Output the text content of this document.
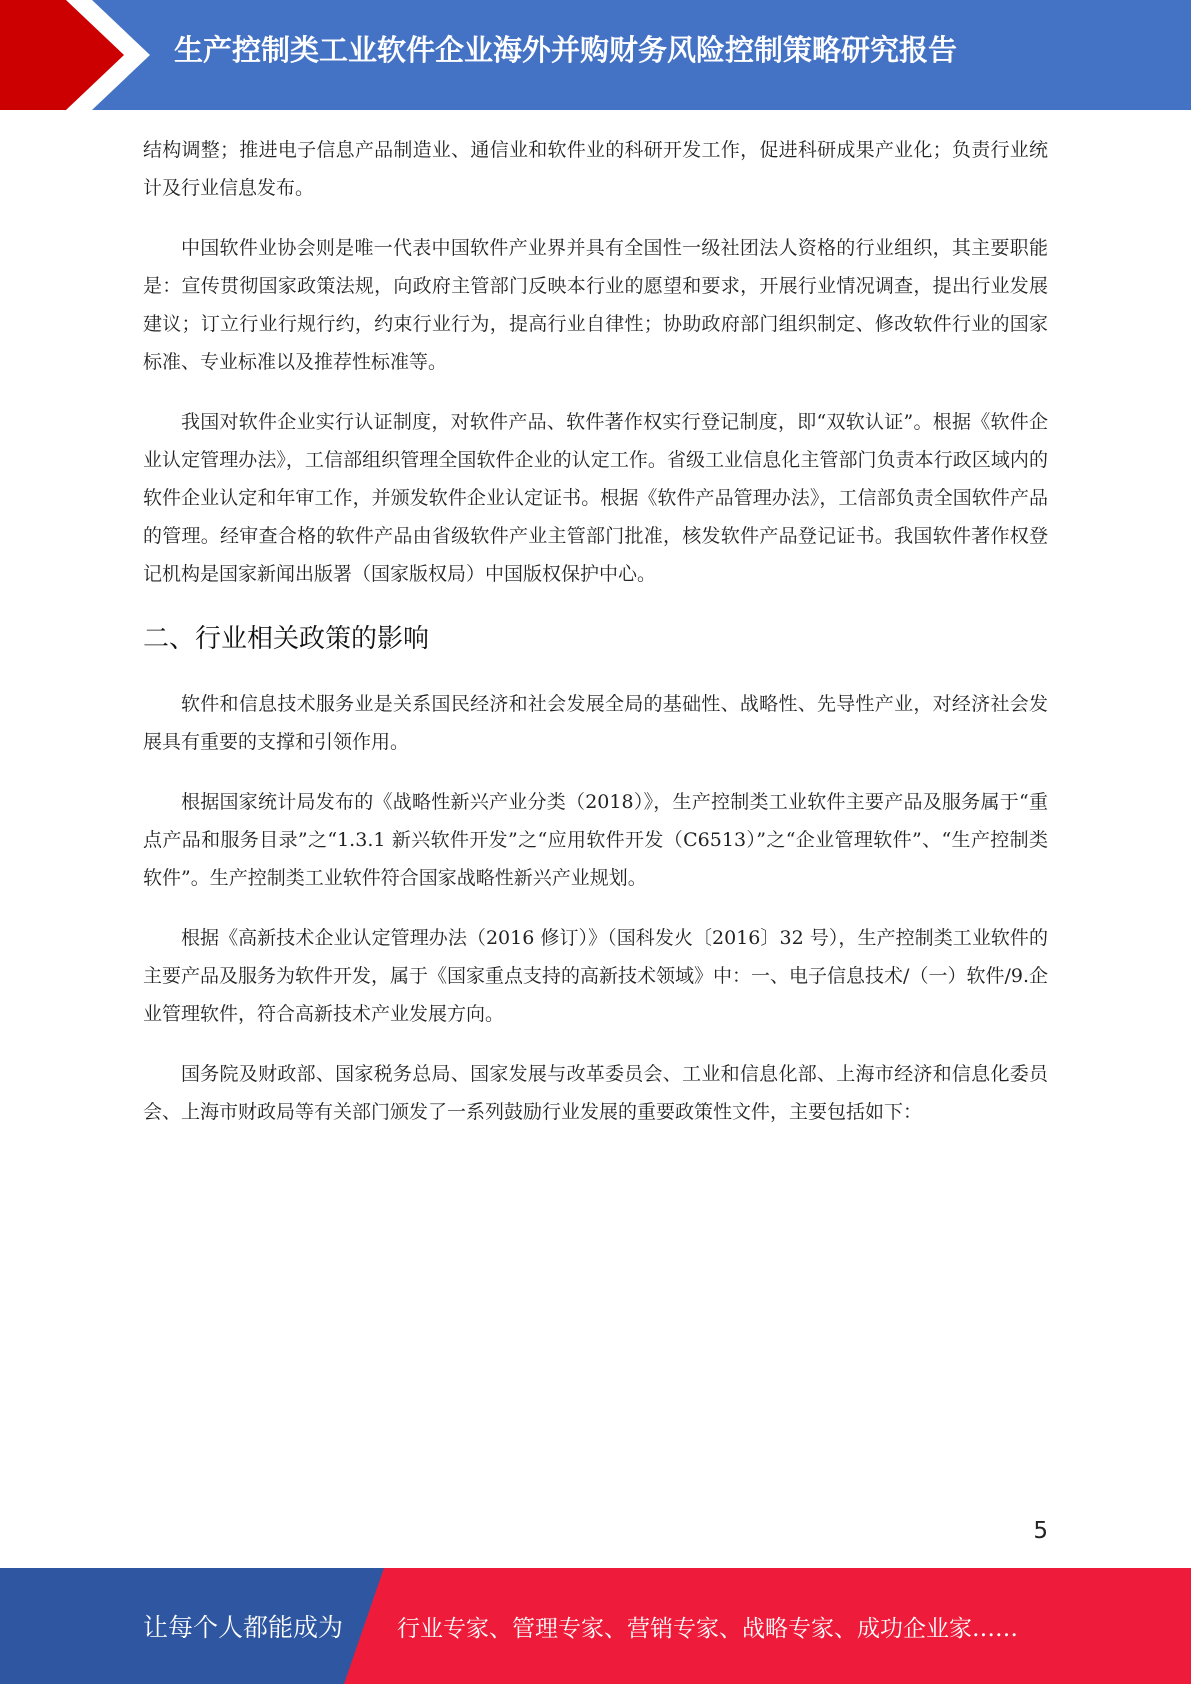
生产控制类工业软件企业海外并购财务风险控制策略研究报告

结构调整；推进电子信息产品制造业、通信业和软件业的科研开发工作，促进科研成果产业化；负责行业统计及行业信息发布。

中国软件业协会则是唯一代表中国软件产业界并具有全国性一级社团法人资格的行业组织，其主要职能是：宣传贯彻国家政策法规，向政府主管部门反映本行业的愿望和要求，开展行业情况调查，提出行业发展建议；订立行业行规行约，约束行业行为，提高行业自律性；协助政府部门组织制定、修改软件行业的国家标准、专业标准以及推荐性标准等。

我国对软件企业实行认证制度，对软件产品、软件著作权实行登记制度，即“双软认证”。根据《软件企业认定管理办法》，工信部组织管理全国软件企业的认定工作。省级工业信息化主管部门负责本行政区域内的软件企业认定和年审工作，并颁发软件企业认定证书。根据《软件产品管理办法》，工信部负责全国软件产品的管理。经审查合格的软件产品由省级软件产业主管部门批准，核发软件产品登记证书。我国软件著作权登记机构是国家新闻出版署（国家版权局）中国版权保护中心。

二、行业相关政策的影响

软件和信息技术服务业是关系国民经济和社会发展全局的基础性、战略性、先导性产业，对经济社会发展具有重要的支撑和引领作用。

根据国家统计局发布的《战略性新兴产业分类（2018）》，生产控制类工业软件主要产品及服务属于“重点产品和服务目录”之“1.3.1 新兴软件开发”之“应用软件开发（C6513）”之“企业管理软件”、“生产控制类软件”。生产控制类工业软件符合国家战略性新兴产业规划。

根据《高新技术企业认定管理办法（2016 修订）》（国科发火〔2016〕32 号），生产控制类工业软件的主要产品及服务为软件开发，属于《国家重点支持的高新技术领域》中：一、电子信息技术/（一）软件/9.企业管理软件，符合高新技术产业发展方向。

国务院及财政部、国家税务总局、国家发展与改革委员会、工业和信息化部、上海市经济和信息化委员会、上海市财政局等有关部门颁发了一系列鼓励行业发展的重要政策性文件，主要包括如下：

5
让每个人都能成为 行业专家、管理专家、营销专家、战略专家、成功企业家……
